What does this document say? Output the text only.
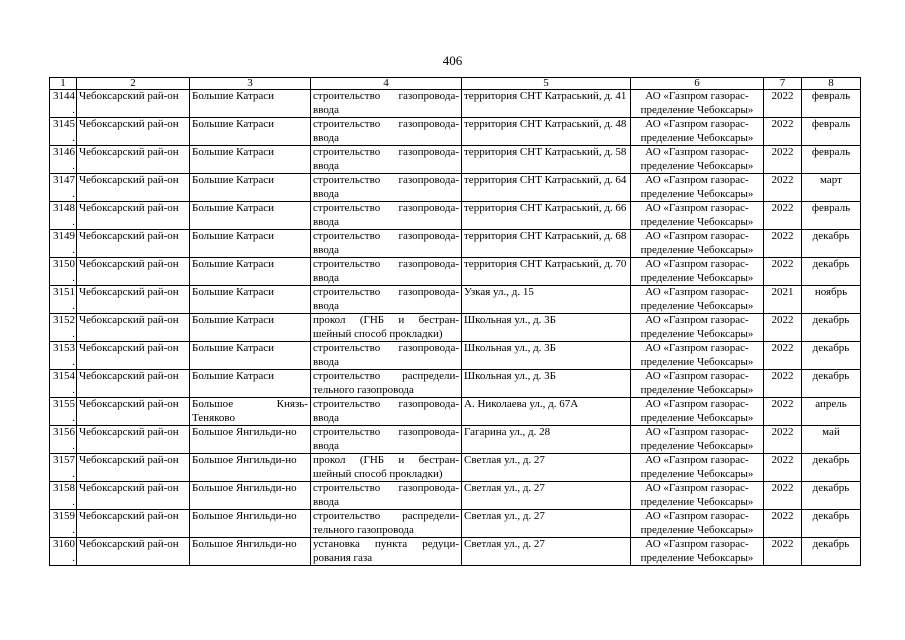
406
1	2	3	4	5	6	7	8
3144.	Чебоксарский рай-он	Большие Катраси	строительство газопровода-ввода	территория СНТ Катраський, д. 41	АО «Газпром газорас-пределение Чебоксары»	2022	февраль
3145.	Чебоксарский рай-он	Большие Катраси	строительство газопровода-ввода	территория СНТ Катраський, д. 48	АО «Газпром газорас-пределение Чебоксары»	2022	февраль
3146.	Чебоксарский рай-он	Большие Катраси	строительство газопровода-ввода	территория СНТ Катраський, д. 58	АО «Газпром газорас-пределение Чебоксары»	2022	февраль
3147.	Чебоксарский рай-он	Большие Катраси	строительство газопровода-ввода	территория СНТ Катраський, д. 64	АО «Газпром газорас-пределение Чебоксары»	2022	март
3148.	Чебоксарский рай-он	Большие Катраси	строительство газопровода-ввода	территория СНТ Катраський, д. 66	АО «Газпром газорас-пределение Чебоксары»	2022	февраль
3149.	Чебоксарский рай-он	Большие Катраси	строительство газопровода-ввода	территория СНТ Катраський, д. 68	АО «Газпром газорас-пределение Чебоксары»	2022	декабрь
3150.	Чебоксарский рай-он	Большие Катраси	строительство газопровода-ввода	территория СНТ Катраський, д. 70	АО «Газпром газорас-пределение Чебоксары»	2022	декабрь
3151.	Чебоксарский рай-он	Большие Катраси	строительство газопровода-ввода	Узкая ул., д. 15	АО «Газпром газорас-пределение Чебоксары»	2021	ноябрь
3152.	Чебоксарский рай-он	Большие Катраси	прокол (ГНБ и бестран-шейный способ прокладки)	Школьная ул., д. 3Б	АО «Газпром газорас-пределение Чебоксары»	2022	декабрь
3153.	Чебоксарский рай-он	Большие Катраси	строительство газопровода-ввода	Школьная ул., д. 3Б	АО «Газпром газорас-пределение Чебоксары»	2022	декабрь
3154.	Чебоксарский рай-он	Большие Катраси	строительство распредели-тельного газопровода	Школьная ул., д. 3Б	АО «Газпром газорас-пределение Чебоксары»	2022	декабрь
3155.	Чебоксарский рай-он	Большое Князь-Теняково	строительство газопровода-ввода	А. Николаева ул., д. 67А	АО «Газпром газорас-пределение Чебоксары»	2022	апрель
3156.	Чебоксарский рай-он	Большое Янгильди-но	строительство газопровода-ввода	Гагарина ул., д. 28	АО «Газпром газорас-пределение Чебоксары»	2022	май
3157.	Чебоксарский рай-он	Большое Янгильди-но	прокол (ГНБ и бестран-шейный способ прокладки)	Светлая ул., д. 27	АО «Газпром газорас-пределение Чебоксары»	2022	декабрь
3158.	Чебоксарский рай-он	Большое Янгильди-но	строительство газопровода-ввода	Светлая ул., д. 27	АО «Газпром газорас-пределение Чебоксары»	2022	декабрь
3159.	Чебоксарский рай-он	Большое Янгильди-но	строительство распредели-тельного газопровода	Светлая ул., д. 27	АО «Газпром газорас-пределение Чебоксары»	2022	декабрь
3160.	Чебоксарский рай-он	Большое Янгильди-но	установка пункта редуци-рования газа	Светлая ул., д. 27	АО «Газпром газорас-пределение Чебоксары»	2022	декабрь
